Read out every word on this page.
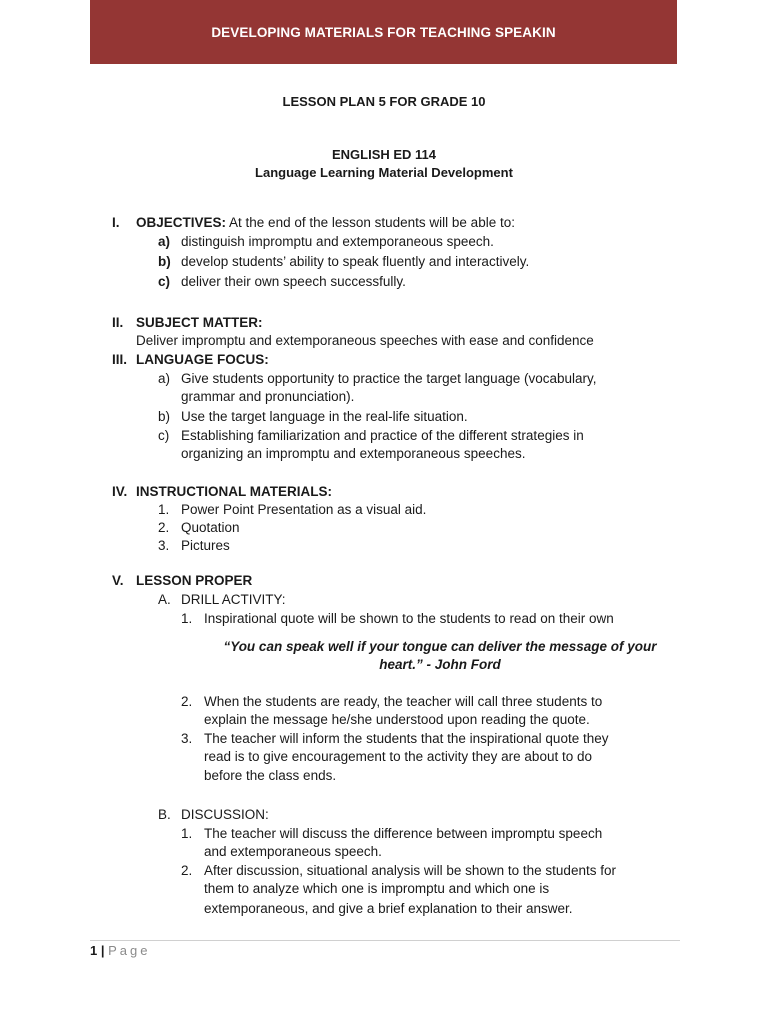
DEVELOPING MATERIALS FOR TEACHING SPEAKIN
LESSON PLAN 5 FOR GRADE 10
ENGLISH ED 114
Language Learning Material Development
I. OBJECTIVES: At the end of the lesson students will be able to:
a) distinguish impromptu and extemporaneous speech.
b) develop students’ ability to speak fluently and interactively.
c) deliver their own speech successfully.
II. SUBJECT MATTER:
Deliver impromptu and extemporaneous speeches with ease and confidence
III. LANGUAGE FOCUS:
a) Give students opportunity to practice the target language (vocabulary,
grammar and pronunciation).
b) Use the target language in the real-life situation.
c) Establishing familiarization and practice of the different strategies in
organizing an impromptu and extemporaneous speeches.
IV. INSTRUCTIONAL MATERIALS:
1. Power Point Presentation as a visual aid.
2. Quotation
3. Pictures
V. LESSON PROPER
A. DRILL ACTIVITY:
1. Inspirational quote will be shown to the students to read on their own
“You can speak well if your tongue can deliver the message of your
heart.” - John Ford
2. When the students are ready, the teacher will call three students to
explain the message he/she understood upon reading the quote.
3. The teacher will inform the students that the inspirational quote they
read is to give encouragement to the activity they are about to do
before the class ends.
B. DISCUSSION:
1. The teacher will discuss the difference between impromptu speech
and extemporaneous speech.
2. After discussion, situational analysis will be shown to the students for
them to analyze which one is impromptu and which one is
extemporaneous, and give a brief explanation to their answer.
1 | Page
